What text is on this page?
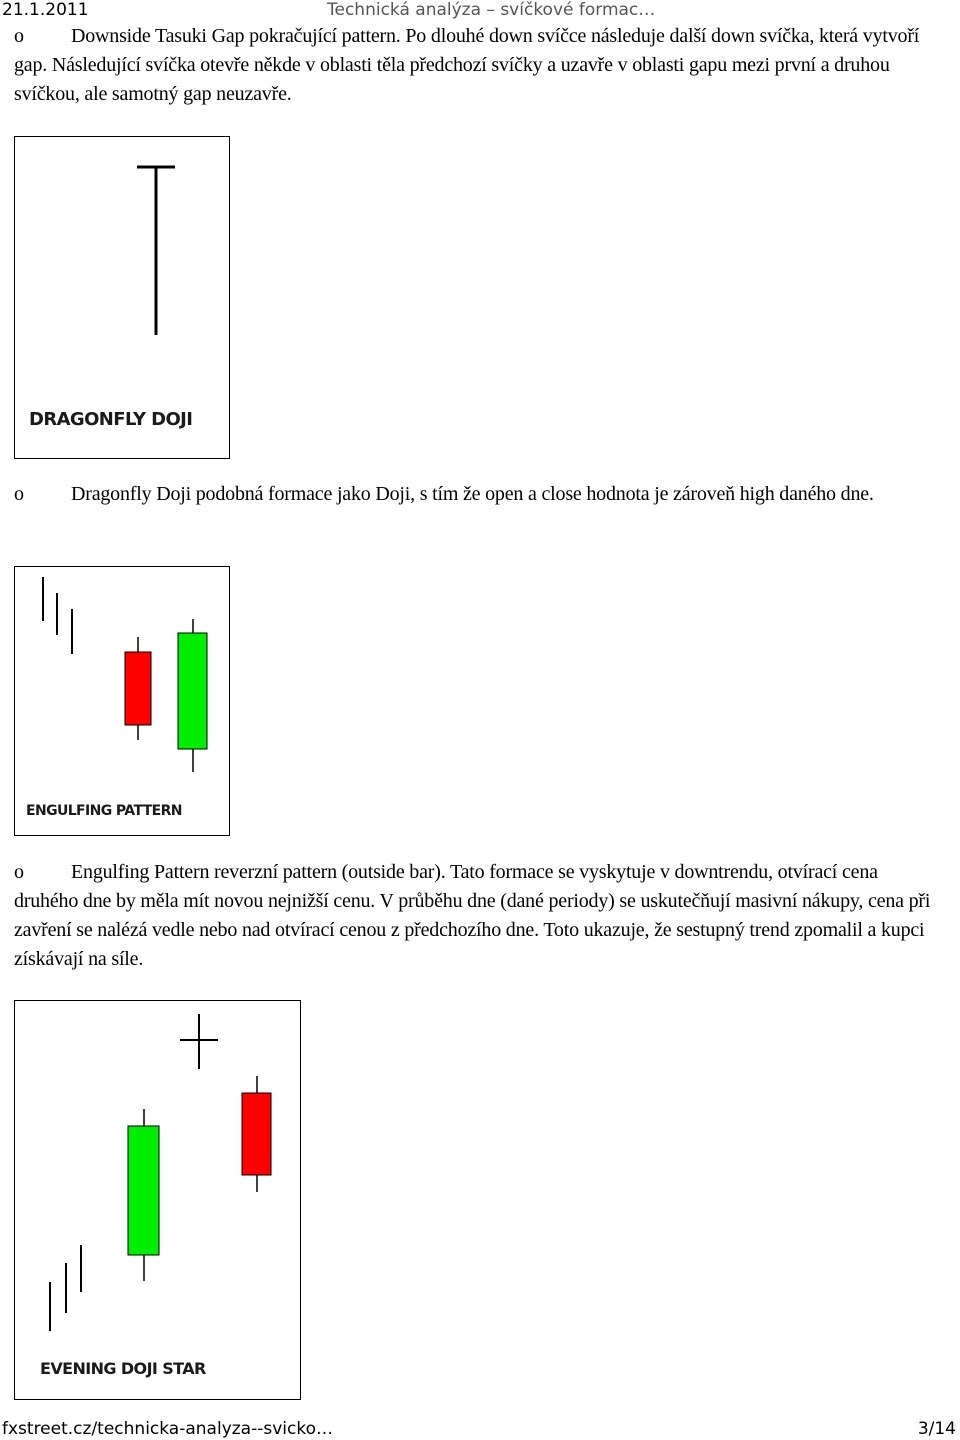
21.1.2011	Technická analýza – svíčkové formac…
o Downside Tasuki Gap pokračující pattern. Po dlouhé down svíčce následuje další down svíčka, která vytvoří gap. Následující svíčka otevře někde v oblasti těla předchozí svíčky a uzavře v oblasti gapu mezi první a druhou svíčkou, ale samotný gap neuzavře.
DRAGONFLY DOJI
o Dragonfly Doji podobná formace jako Doji, s tím že open a close hodnota je zároveň high daného dne.
ENGULFING PATTERN
o Engulfing Pattern reverzní pattern (outside bar). Tato formace se vyskytuje v downtrendu, otvírací cena druhého dne by měla mít novou nejnižší cenu. V průběhu dne (dané periody) se uskutečňují masivní nákupy, cena při zavření se nalézá vedle nebo nad otvírací cenou z předchozího dne. Toto ukazuje, že sestupný trend zpomalil a kupci získávají na síle.
EVENING DOJI STAR
fxstreet.cz/technicka-analyza--svicko…	3/14
